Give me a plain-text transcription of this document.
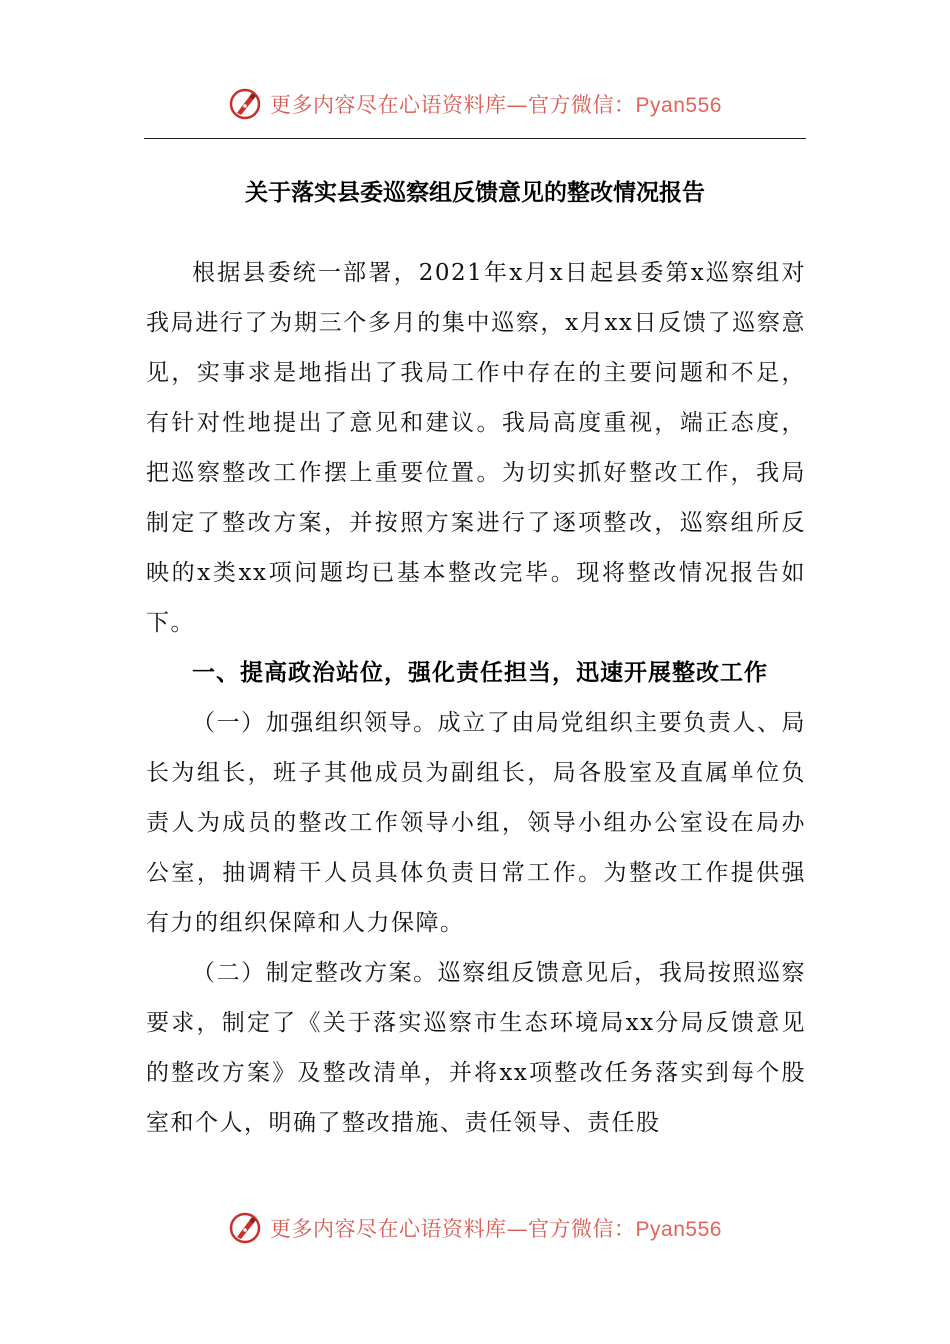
更多内容尽在心语资料库—官方微信：Pyan556
关于落实县委巡察组反馈意见的整改情况报告

根据县委统一部署，2021年x月x日起县委第x巡察组对我局进行了为期三个多月的集中巡察，x月xx日反馈了巡察意见，实事求是地指出了我局工作中存在的主要问题和不足，有针对性地提出了意见和建议。我局高度重视，端正态度，把巡察整改工作摆上重要位置。为切实抓好整改工作，我局制定了整改方案，并按照方案进行了逐项整改，巡察组所反映的x类xx项问题均已基本整改完毕。现将整改情况报告如下。

一、提高政治站位，强化责任担当，迅速开展整改工作

（一）加强组织领导。成立了由局党组织主要负责人、局长为组长，班子其他成员为副组长，局各股室及直属单位负责人为成员的整改工作领导小组，领导小组办公室设在局办公室，抽调精干人员具体负责日常工作。为整改工作提供强有力的组织保障和人力保障。

（二）制定整改方案。巡察组反馈意见后，我局按照巡察要求，制定了《关于落实巡察市生态环境局xx分局反馈意见的整改方案》及整改清单，并将xx项整改任务落实到每个股室和个人，明确了整改措施、责任领导、责任股

更多内容尽在心语资料库—官方微信：Pyan556
